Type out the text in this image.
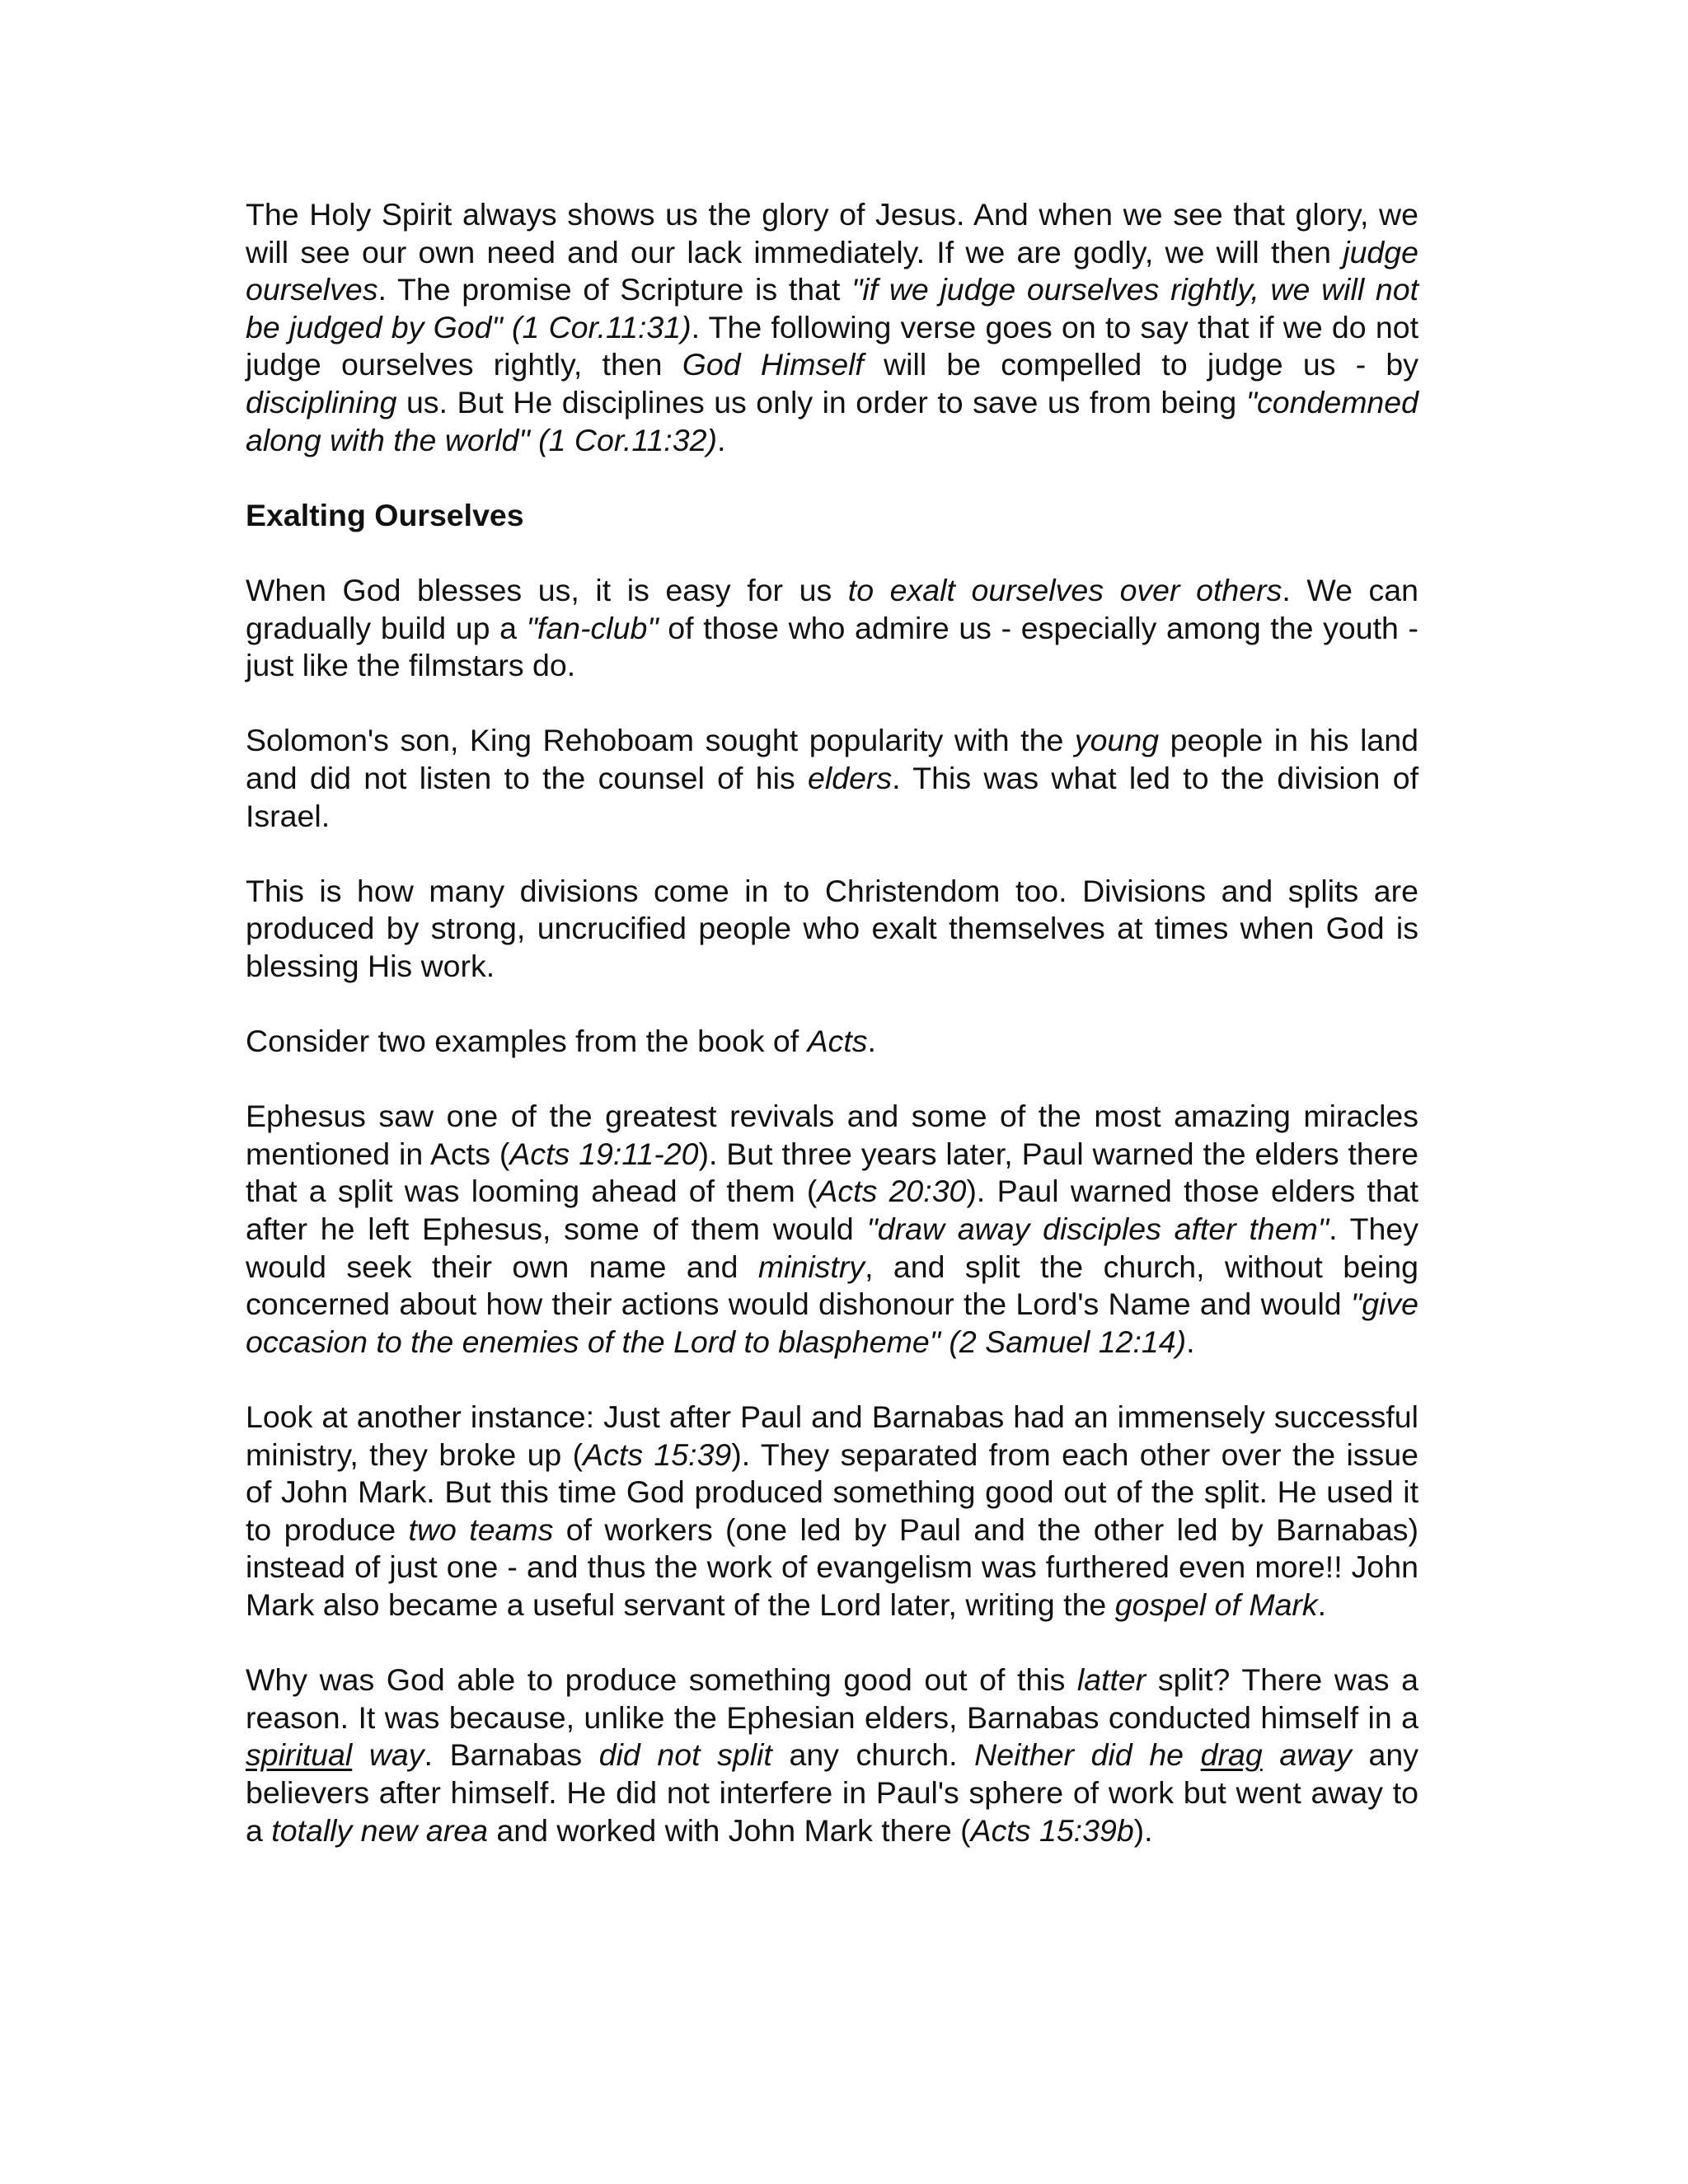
The Holy Spirit always shows us the glory of Jesus. And when we see that glory, we will see our own need and our lack immediately. If we are godly, we will then judge ourselves. The promise of Scripture is that "if we judge ourselves rightly, we will not be judged by God" (1 Cor.11:31). The following verse goes on to say that if we do not judge ourselves rightly, then God Himself will be compelled to judge us - by disciplining us. But He disciplines us only in order to save us from being "condemned along with the world" (1 Cor.11:32).

Exalting Ourselves

When God blesses us, it is easy for us to exalt ourselves over others. We can gradually build up a "fan-club" of those who admire us - especially among the youth - just like the filmstars do.

Solomon's son, King Rehoboam sought popularity with the young people in his land and did not listen to the counsel of his elders. This was what led to the division of Israel.

This is how many divisions come in to Christendom too. Divisions and splits are produced by strong, uncrucified people who exalt themselves at times when God is blessing His work.

Consider two examples from the book of Acts.

Ephesus saw one of the greatest revivals and some of the most amazing miracles mentioned in Acts (Acts 19:11-20). But three years later, Paul warned the elders there that a split was looming ahead of them (Acts 20:30). Paul warned those elders that after he left Ephesus, some of them would "draw away disciples after them". They would seek their own name and ministry, and split the church, without being concerned about how their actions would dishonour the Lord's Name and would "give occasion to the enemies of the Lord to blaspheme" (2 Samuel 12:14).

Look at another instance: Just after Paul and Barnabas had an immensely successful ministry, they broke up (Acts 15:39). They separated from each other over the issue of John Mark. But this time God produced something good out of the split. He used it to produce two teams of workers (one led by Paul and the other led by Barnabas) instead of just one - and thus the work of evangelism was furthered even more!! John Mark also became a useful servant of the Lord later, writing the gospel of Mark.

Why was God able to produce something good out of this latter split? There was a reason. It was because, unlike the Ephesian elders, Barnabas conducted himself in a spiritual way. Barnabas did not split any church. Neither did he drag away any believers after himself. He did not interfere in Paul's sphere of work but went away to a totally new area and worked with John Mark there (Acts 15:39b).
